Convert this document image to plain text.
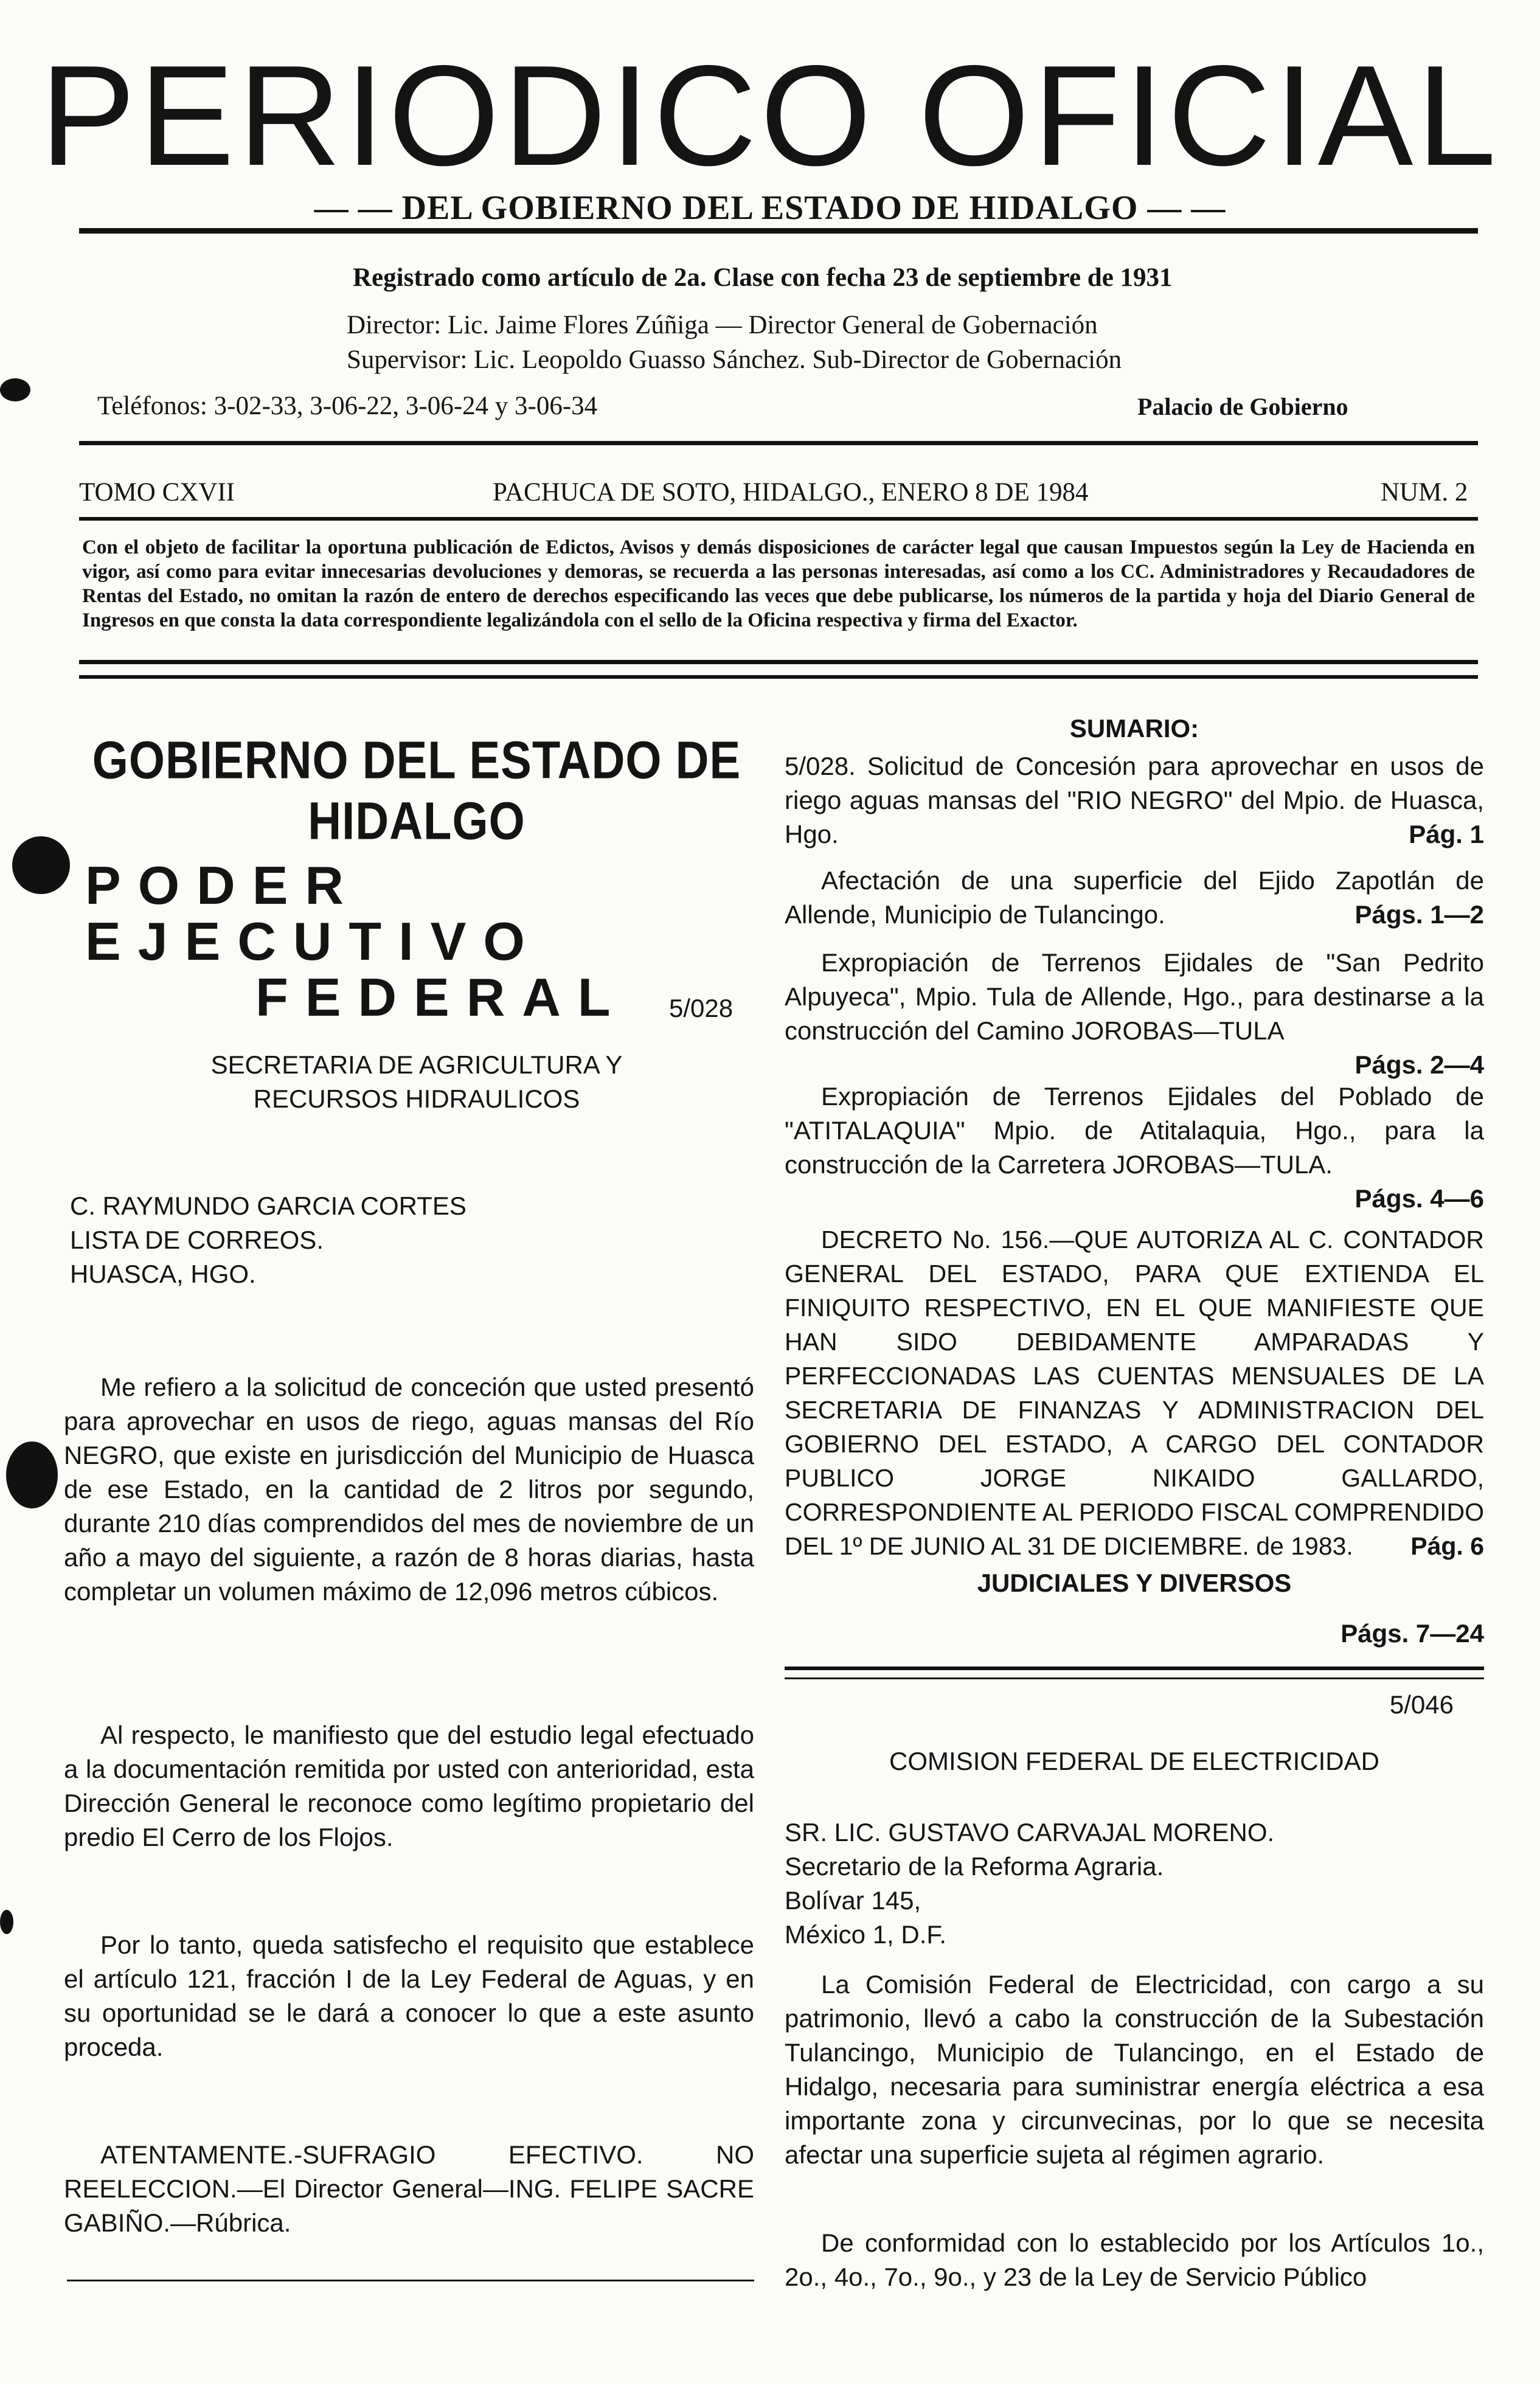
PERIODICO OFICIAL
— — DEL GOBIERNO DEL ESTADO DE HIDALGO — —
Registrado como artículo de 2a. Clase con fecha 23 de septiembre de 1931
Director: Lic. Jaime Flores Zúñiga — Director General de Gobernación
Supervisor: Lic. Leopoldo Guasso Sánchez. Sub-Director de Gobernación
Teléfonos: 3-02-33, 3-06-22, 3-06-24 y 3-06-34	Palacio de Gobierno
TOMO CXVII	PACHUCA DE SOTO, HIDALGO., ENERO 8 DE 1984	NUM. 2
Con el objeto de facilitar la oportuna publicación de Edictos, Avisos y demás disposiciones de carácter legal que causan Impuestos según la Ley de Hacienda en vigor, así como para evitar innecesarias devoluciones y demoras, se recuerda a las personas interesadas, así como a los CC. Administradores y Recaudadores de Rentas del Estado, no omitan la razón de entero de derechos especificando las veces que debe publicarse, los números de la partida y hoja del Diario General de Ingresos en que consta la data correspondiente legalizándola con el sello de la Oficina respectiva y firma del Exactor.
GOBIERNO DEL ESTADO DE HIDALGO
PODER EJECUTIVO
FEDERAL	5/028
SECRETARIA DE AGRICULTURA Y
RECURSOS HIDRAULICOS
C. RAYMUNDO GARCIA CORTES
LISTA DE CORREOS.
HUASCA, HGO.
Me refiero a la solicitud de conceción que usted presentó para aprovechar en usos de riego, aguas mansas del Río NEGRO, que existe en jurisdicción del Municipio de Huasca de ese Estado, en la cantidad de 2 litros por segundo, durante 210 días comprendidos del mes de noviembre de un año a mayo del siguiente, a razón de 8 horas diarias, hasta completar un volumen máximo de 12,096 metros cúbicos.
Al respecto, le manifiesto que del estudio legal efectuado a la documentación remitida por usted con anterioridad, esta Dirección General le reconoce como legítimo propietario del predio El Cerro de los Flojos.
Por lo tanto, queda satisfecho el requisito que establece el artículo 121, fracción I de la Ley Federal de Aguas, y en su oportunidad se le dará a conocer lo que a este asunto proceda.
ATENTAMENTE.-SUFRAGIO EFECTIVO. NO REELECCION.—El Director General—ING. FELIPE SACRE GABIÑO.—Rúbrica.
SUMARIO:
5/028. Solicitud de Concesión para aprovechar en usos de riego aguas mansas del "RIO NEGRO" del Mpio. de Huasca, Hgo.	Pág. 1
Afectación de una superficie del Ejido Zapotlán de Allende, Municipio de Tulancingo.	Págs. 1—2
Expropiación de Terrenos Ejidales de "San Pedrito Alpuyeca", Mpio. Tula de Allende, Hgo., para destinarse a la construcción del Camino JOROBAS—TULA
Págs. 2—4
Expropiación de Terrenos Ejidales del Poblado de "ATITALAQUIA" Mpio. de Atitalaquia, Hgo., para la construcción de la Carretera JOROBAS—TULA.
Págs. 4—6
DECRETO No. 156.—QUE AUTORIZA AL C. CONTADOR GENERAL DEL ESTADO, PARA QUE EXTIENDA EL FINIQUITO RESPECTIVO, EN EL QUE MANIFIESTE QUE HAN SIDO DEBIDAMENTE AMPARADAS Y PERFECCIONADAS LAS CUENTAS MENSUALES DE LA SECRETARIA DE FINANZAS Y ADMINISTRACION DEL GOBIERNO DEL ESTADO, A CARGO DEL CONTADOR PUBLICO JORGE NIKAIDO GALLARDO, CORRESPONDIENTE AL PERIODO FISCAL COMPRENDIDO DEL 1º DE JUNIO AL 31 DE DICIEMBRE. de 1983.	Pág. 6
JUDICIALES Y DIVERSOS
Págs. 7—24
5/046
COMISION FEDERAL DE ELECTRICIDAD
SR. LIC. GUSTAVO CARVAJAL MORENO.
Secretario de la Reforma Agraria.
Bolívar 145,
México 1, D.F.
La Comisión Federal de Electricidad, con cargo a su patrimonio, llevó a cabo la construcción de la Subestación Tulancingo, Municipio de Tulancingo, en el Estado de Hidalgo, necesaria para suministrar energía eléctrica a esa importante zona y circunvecinas, por lo que se necesita afectar una superficie sujeta al régimen agrario.
De conformidad con lo establecido por los Artículos 1o., 2o., 4o., 7o., 9o., y 23 de la Ley de Servicio Público
